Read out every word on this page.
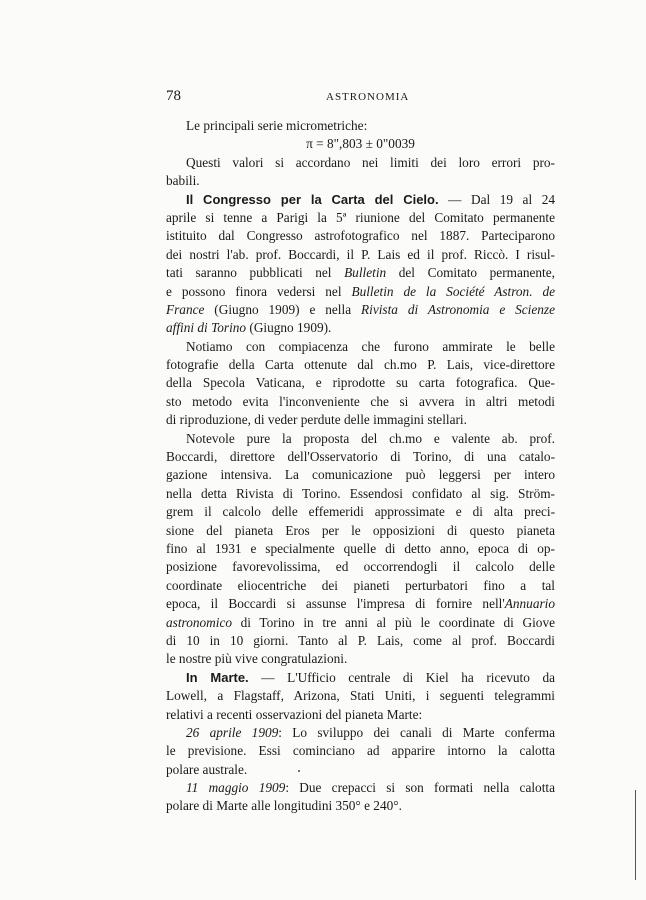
78	ASTRONOMIA
Le principali serie micrometriche:
π = 8",803 ± 0"0039
Questi valori si accordano nei limiti dei loro errori pro-
babili.
Il Congresso per la Carta del Cielo. — Dal 19 al 24
aprile si tenne a Parigi la 5ª riunione del Comitato permanente
istituito dal Congresso astrofotografico nel 1887. Parteciparono
dei nostri l'ab. prof. Boccardi, il P. Lais ed il prof. Riccò. I risul-
tati saranno pubblicati nel Bulletin del Comitato permanente,
e possono finora vedersi nel Bulletin de la Société Astron. de
France (Giugno 1909) e nella Rivista di Astronomia e Scienze
affini di Torino (Giugno 1909).
Notiamo con compiacenza che furono ammirate le belle
fotografie della Carta ottenute dal ch.mo P. Lais, vice-direttore
della Specola Vaticana, e riprodotte su carta fotografica. Que-
sto metodo evita l'inconveniente che si avvera in altri metodi
di riproduzione, di veder perdute delle immagini stellari.
Notevole pure la proposta del ch.mo e valente ab. prof.
Boccardi, direttore dell'Osservatorio di Torino, di una catalo-
gazione intensiva. La comunicazione può leggersi per intero
nella detta Rivista di Torino. Essendosi confidato al sig. Ström-
grem il calcolo delle effemeridi approssimate e di alta preci-
sione del pianeta Eros per le opposizioni di questo pianeta
fino al 1931 e specialmente quelle di detto anno, epoca di op-
posizione favorevolissima, ed occorrendogli il calcolo delle
coordinate eliocentriche dei pianeti perturbatori fino a tal
epoca, il Boccardi si assunse l'impresa di fornire nell'Annuario
astronomico di Torino in tre anni al più le coordinate di Giove
di 10 in 10 giorni. Tanto al P. Lais, come al prof. Boccardi
le nostre più vive congratulazioni.
In Marte. — L'Ufficio centrale di Kiel ha ricevuto da
Lowell, a Flagstaff, Arizona, Stati Uniti, i seguenti telegrammi
relativi a recenti osservazioni del pianeta Marte:
26 aprile 1909: Lo sviluppo dei canali di Marte conferma
le previsione. Essi cominciano ad apparire intorno la calotta
polare australe.
11 maggio 1909: Due crepacci si son formati nella calotta
polare di Marte alle longitudini 350° e 240°.
